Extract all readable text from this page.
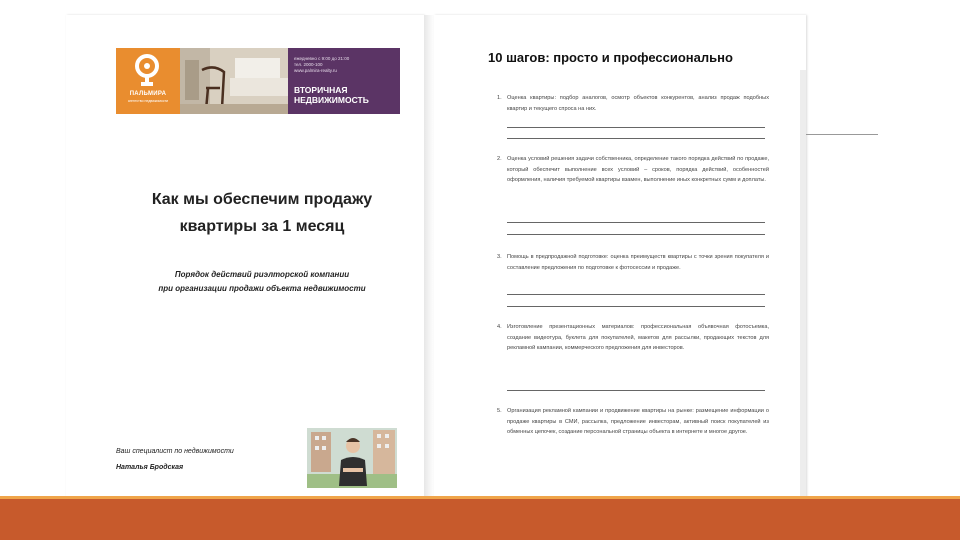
ПАЛЬМИРА
агентство недвижимости
ежедневно с 9:00 до 21:00
тел. 2000-100
www.palmira-realty.ru
ВТОРИЧНАЯ
НЕДВИЖИМОСТЬ
Как мы обеспечим продажу
квартиры за 1 месяц
Порядок действий риэлторской компании
при организации продажи объекта недвижимости
Ваш специалист по недвижимости
Наталья Бродская
10 шагов: просто и профессионально
1. Оценка квартиры: подбор аналогов, осмотр объектов конкурентов, анализ продаж подобных квартир и текущего спроса на них.
2. Оценка условий решения задачи собственника, определение такого порядка действий по продаже, который обеспечит выполнение всех условий – сроков, порядка действий, особенностей оформления, наличия требуемой квартиры взамен, выполнение иных конкретных сумм и доплаты.
3. Помощь в предпродажной подготовке: оценка преимуществ квартиры с точки зрения покупателя и составление предложения по подготовке к фотосессии и продаже.
4. Изготовление презентационных материалов: профессиональная объявочная фотосъемка, создание видеотура, буклета для покупателей, макетов для рассылки, продающих текстов для рекламной кампании, коммерческого предложения для инвесторов.
5. Организация рекламной кампании и продвижение квартиры на рынке: размещение информации о продаже квартиры в СМИ, рассылка, предложение инвесторам, активный поиск покупателей из обменных цепочек, создание персональной страницы объекта в интернете и многое другое.
